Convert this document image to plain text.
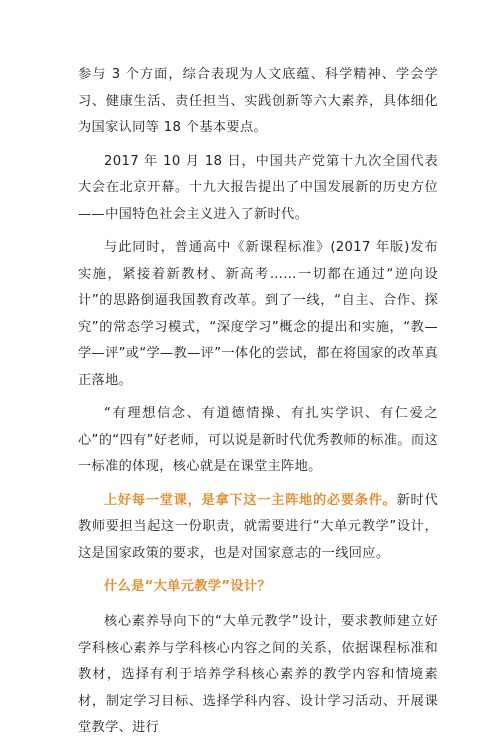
参与 3 个方面，综合表现为人文底蕴、科学精神、学会学习、健康生活、责任担当、实践创新等六大素养，具体细化为国家认同等 18 个基本要点。

2017 年 10 月 18 日，中国共产党第十九次全国代表大会在北京开幕。十九大报告提出了中国发展新的历史方位——中国特色社会主义进入了新时代。

与此同时，普通高中《新课程标准》(2017 年版)发布实施，紧接着新教材、新高考……一切都在通过“逆向设计”的思路倒逼我国教育改革。到了一线，“自主、合作、探究”的常态学习模式，“深度学习”概念的提出和实施，“教—学—评”或“学—教—评”一体化的尝试，都在将国家的改革真正落地。

“有理想信念、有道德情操、有扎实学识、有仁爱之心”的“四有”好老师，可以说是新时代优秀教师的标准。而这一标准的体现，核心就是在课堂主阵地。

上好每一堂课，是拿下这一主阵地的必要条件。新时代教师要担当起这一份职责，就需要进行“大单元教学”设计，这是国家政策的要求，也是对国家意志的一线回应。

什么是“大单元教学”设计？

核心素养导向下的“大单元教学”设计，要求教师建立好学科核心素养与学科核心内容之间的关系，依据课程标准和教材，选择有利于培养学科核心素养的教学内容和情境素材，制定学习目标、选择学科内容、设计学习活动、开展课堂教学、进行
